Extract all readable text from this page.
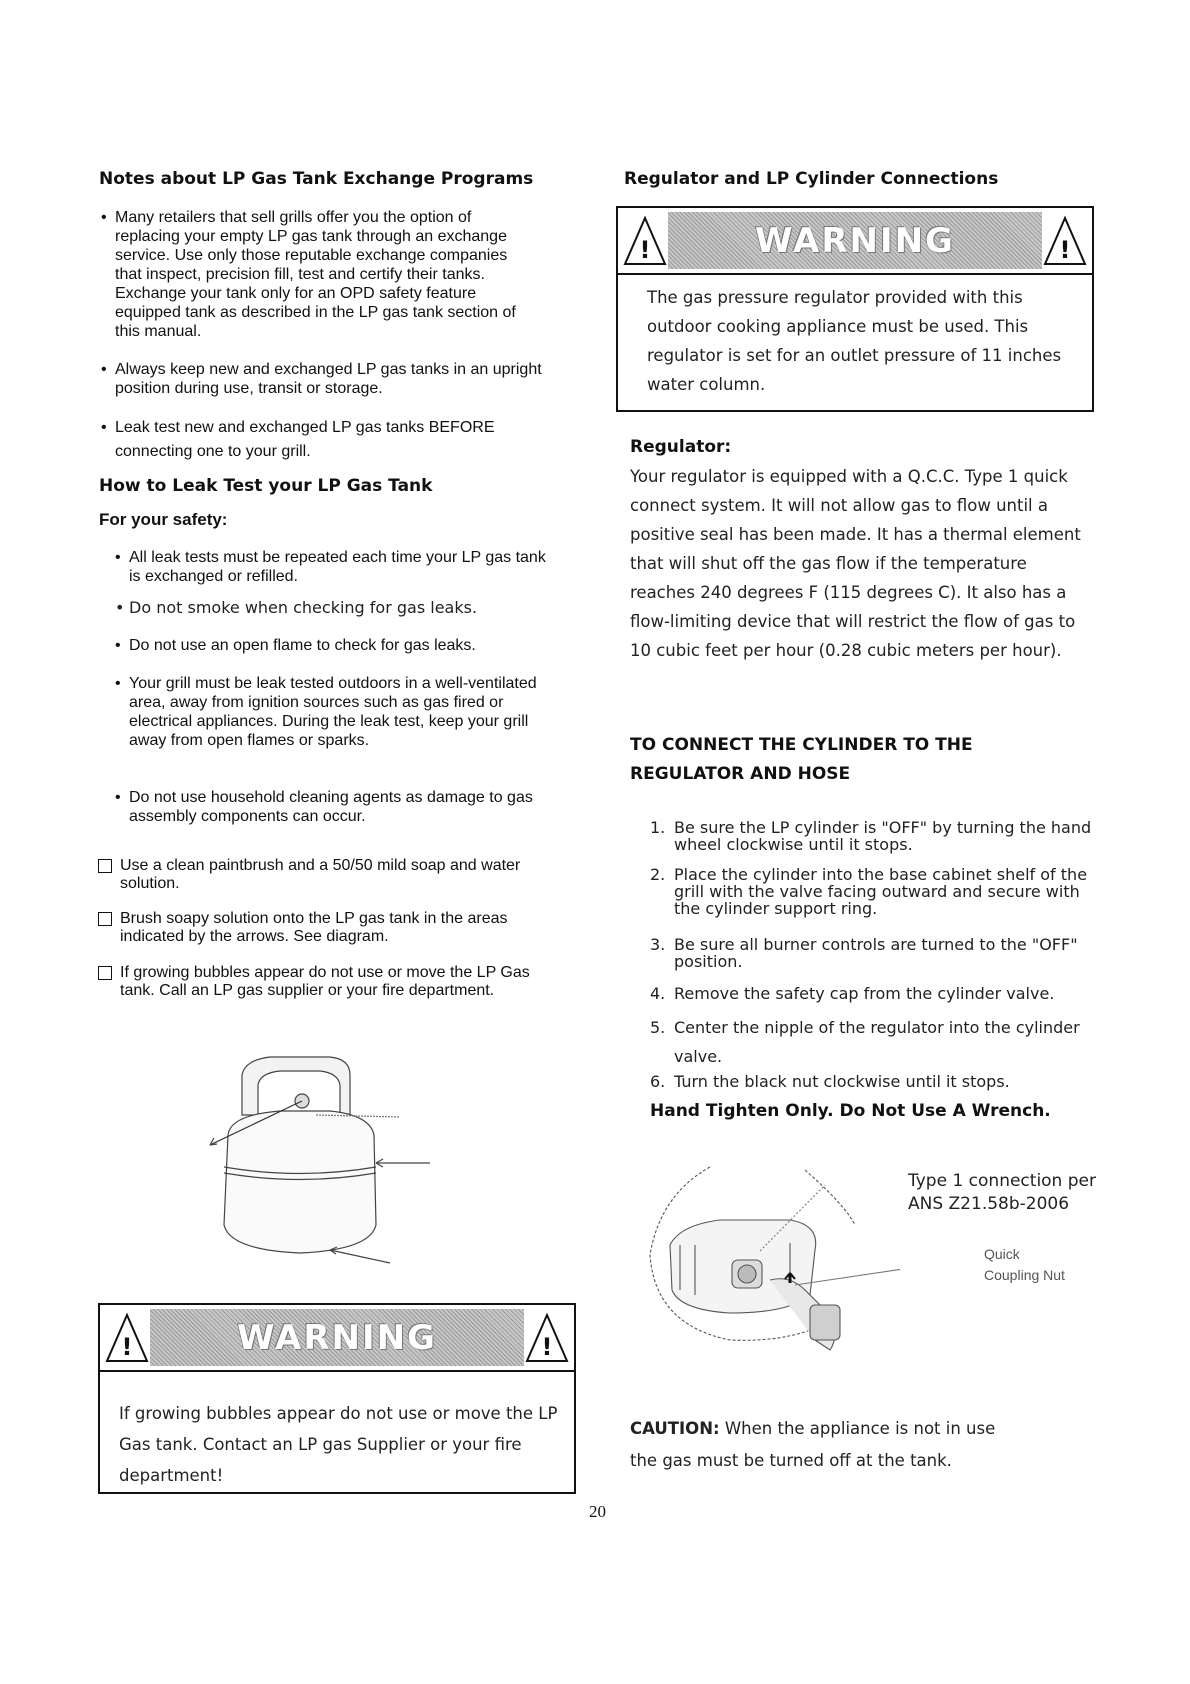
Notes about LP Gas Tank Exchange Programs
• Many retailers that sell grills offer you the option of replacing your empty LP gas tank through an exchange service. Use only those reputable exchange companies that inspect, precision fill, test and certify their tanks. Exchange your tank only for an OPD safety feature equipped tank as described in the LP gas tank section of this manual.
• Always keep new and exchanged LP gas tanks in an upright position during use, transit or storage.
• Leak test new and exchanged LP gas tanks BEFORE connecting one to your grill.
How to Leak Test your LP Gas Tank
For your safety:
• All leak tests must be repeated each time your LP gas tank is exchanged or refilled.
• Do not smoke when checking for gas leaks.
• Do not use an open flame to check for gas leaks.
• Your grill must be leak tested outdoors in a well-ventilated area, away from ignition sources such as gas fired or electrical appliances. During the leak test, keep your grill away from open flames or sparks.
• Do not use household cleaning agents as damage to gas assembly components can occur.
Use a clean paintbrush and a 50/50 mild soap and water solution.
Brush soapy solution onto the LP gas tank in the areas indicated by the arrows. See diagram.
If growing bubbles appear do not use or move the LP Gas tank. Call an LP gas supplier or your fire department.
!	WARNING	!
If growing bubbles appear do not use or move the LP Gas tank. Contact an LP gas Supplier or your fire department!
Regulator and LP Cylinder Connections
!	WARNING	!
The gas pressure regulator provided with this outdoor cooking appliance must be used. This regulator is set for an outlet pressure of 11 inches water column.
Regulator:
Your regulator is equipped with a Q.C.C. Type 1 quick connect system. It will not allow gas to flow until a positive seal has been made. It has a thermal element that will shut off the gas flow if the temperature reaches 240 degrees F (115 degrees C). It also has a flow-limiting device that will restrict the flow of gas to 10 cubic feet per hour (0.28 cubic meters per hour).
TO CONNECT THE CYLINDER TO THE
REGULATOR AND HOSE
1. Be sure the LP cylinder is "OFF" by turning the hand wheel clockwise until it stops.
2. Place the cylinder into the base cabinet shelf of the grill with the valve facing outward and secure with the cylinder support ring.
3. Be sure all burner controls are turned to the "OFF" position.
4. Remove the safety cap from the cylinder valve.
5. Center the nipple of the regulator into the cylinder valve.
6. Turn the black nut clockwise until it stops.
Hand Tighten Only. Do Not Use A Wrench.
Type 1 connection per
ANS Z21.58b-2006
Quick
Coupling Nut
CAUTION: When the appliance is not in use
the gas must be turned off at the tank.
20
